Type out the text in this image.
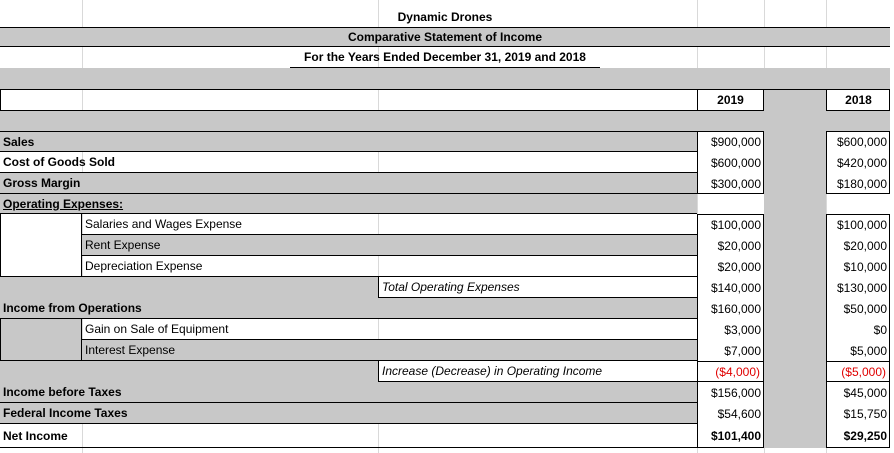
Dynamic Drones
Comparative Statement of Income
For the Years Ended December 31, 2019 and 2018
2019	2018
Sales
Cost of Goods Sold
Gross Margin
Operating Expenses:
Salaries and Wages Expense
Rent Expense
Depreciation Expense
Total Operating Expenses
Income from Operations
Gain on Sale of Equipment
Interest Expense
Increase (Decrease) in Operating Income
Income before Taxes
Federal Income Taxes
Net Income
$900,000
$600,000
$300,000
$100,000
$20,000
$20,000
$140,000
$160,000
$3,000
$7,000
($4,000)
$156,000
$54,600
$101,400
$600,000
$420,000
$180,000
$100,000
$20,000
$10,000
$130,000
$50,000
$0
$5,000
($5,000)
$45,000
$15,750
$29,250
